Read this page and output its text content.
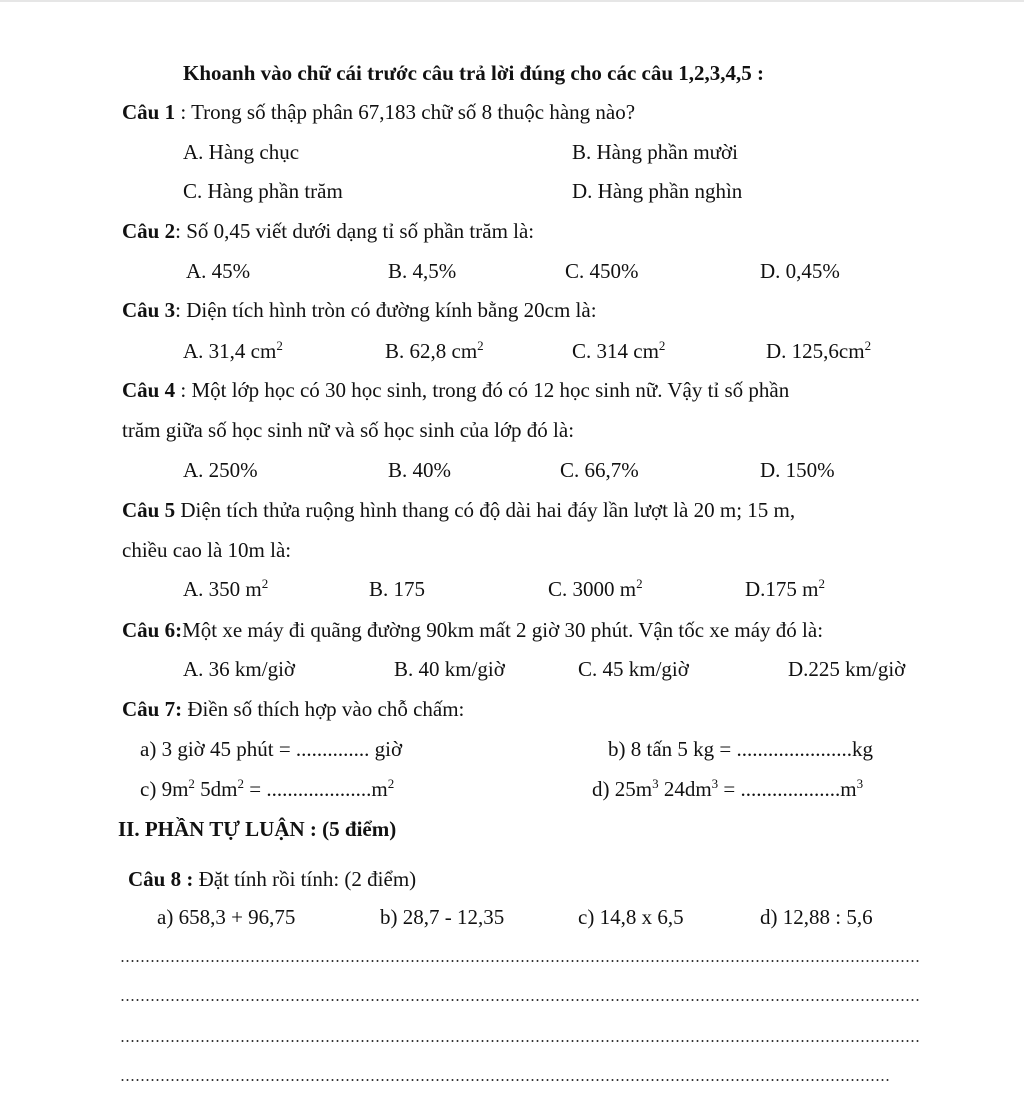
Khoanh vào chữ cái trước câu trả lời đúng cho các câu 1,2,3,4,5 :
Câu 1 : Trong số thập phân 67,183 chữ số 8 thuộc hàng nào?
A. Hàng chục	B. Hàng phần mười
C. Hàng phần trăm	D. Hàng phần nghìn
Câu 2: Số 0,45 viết dưới dạng tỉ số phần trăm là:
A. 45%	B. 4,5%	C. 450%	D. 0,45%
Câu 3: Diện tích hình tròn có đường kính bằng 20cm là:
A. 31,4 $cm^2$	B. 62,8 $cm^2$	C. 314 $cm^2$	D. $125,6cm^2$
Câu 4 : Một lớp học có 30 học sinh, trong đó có 12 học sinh nữ. Vậy tỉ số phần
trăm giữa số học sinh nữ và số học sinh của lớp đó là:
A. 250%	B. 40%	C. 66,7%	D. 150%
Câu 5 Diện tích thửa ruộng hình thang có độ dài hai đáy lần lượt là 20 m; 15 m,
chiều cao là 10m là:
A. 350 $m^2$	B. 175	C. 3000 $m^2$	D.175 $m^2$
Câu 6:Một xe máy đi quãng đường 90km mất 2 giờ 30 phút. Vận tốc xe máy đó là:
A. 36 km/giờ	B. 40 km/giờ	C. 45 km/giờ	D.225 km/giờ
Câu 7: Điền số thích hợp vào chỗ chấm:
a) 3 giờ 45 phút = .............. giờ	b) 8 tấn 5 kg = ......................kg
c) $9m^2$ $5dm^2 = ....................m^2$	d) $25m^3$ $24dm^3 = ...................m^3$
II. PHẦN TỰ LUẬN : (5 điểm)
Câu 8 : Đặt tính rồi tính: (2 điểm)
a) 658,3 + 96,75	b) 28,7 - 12,35	c) 14,8 x 6,5	d) 12,88 : 5,6
